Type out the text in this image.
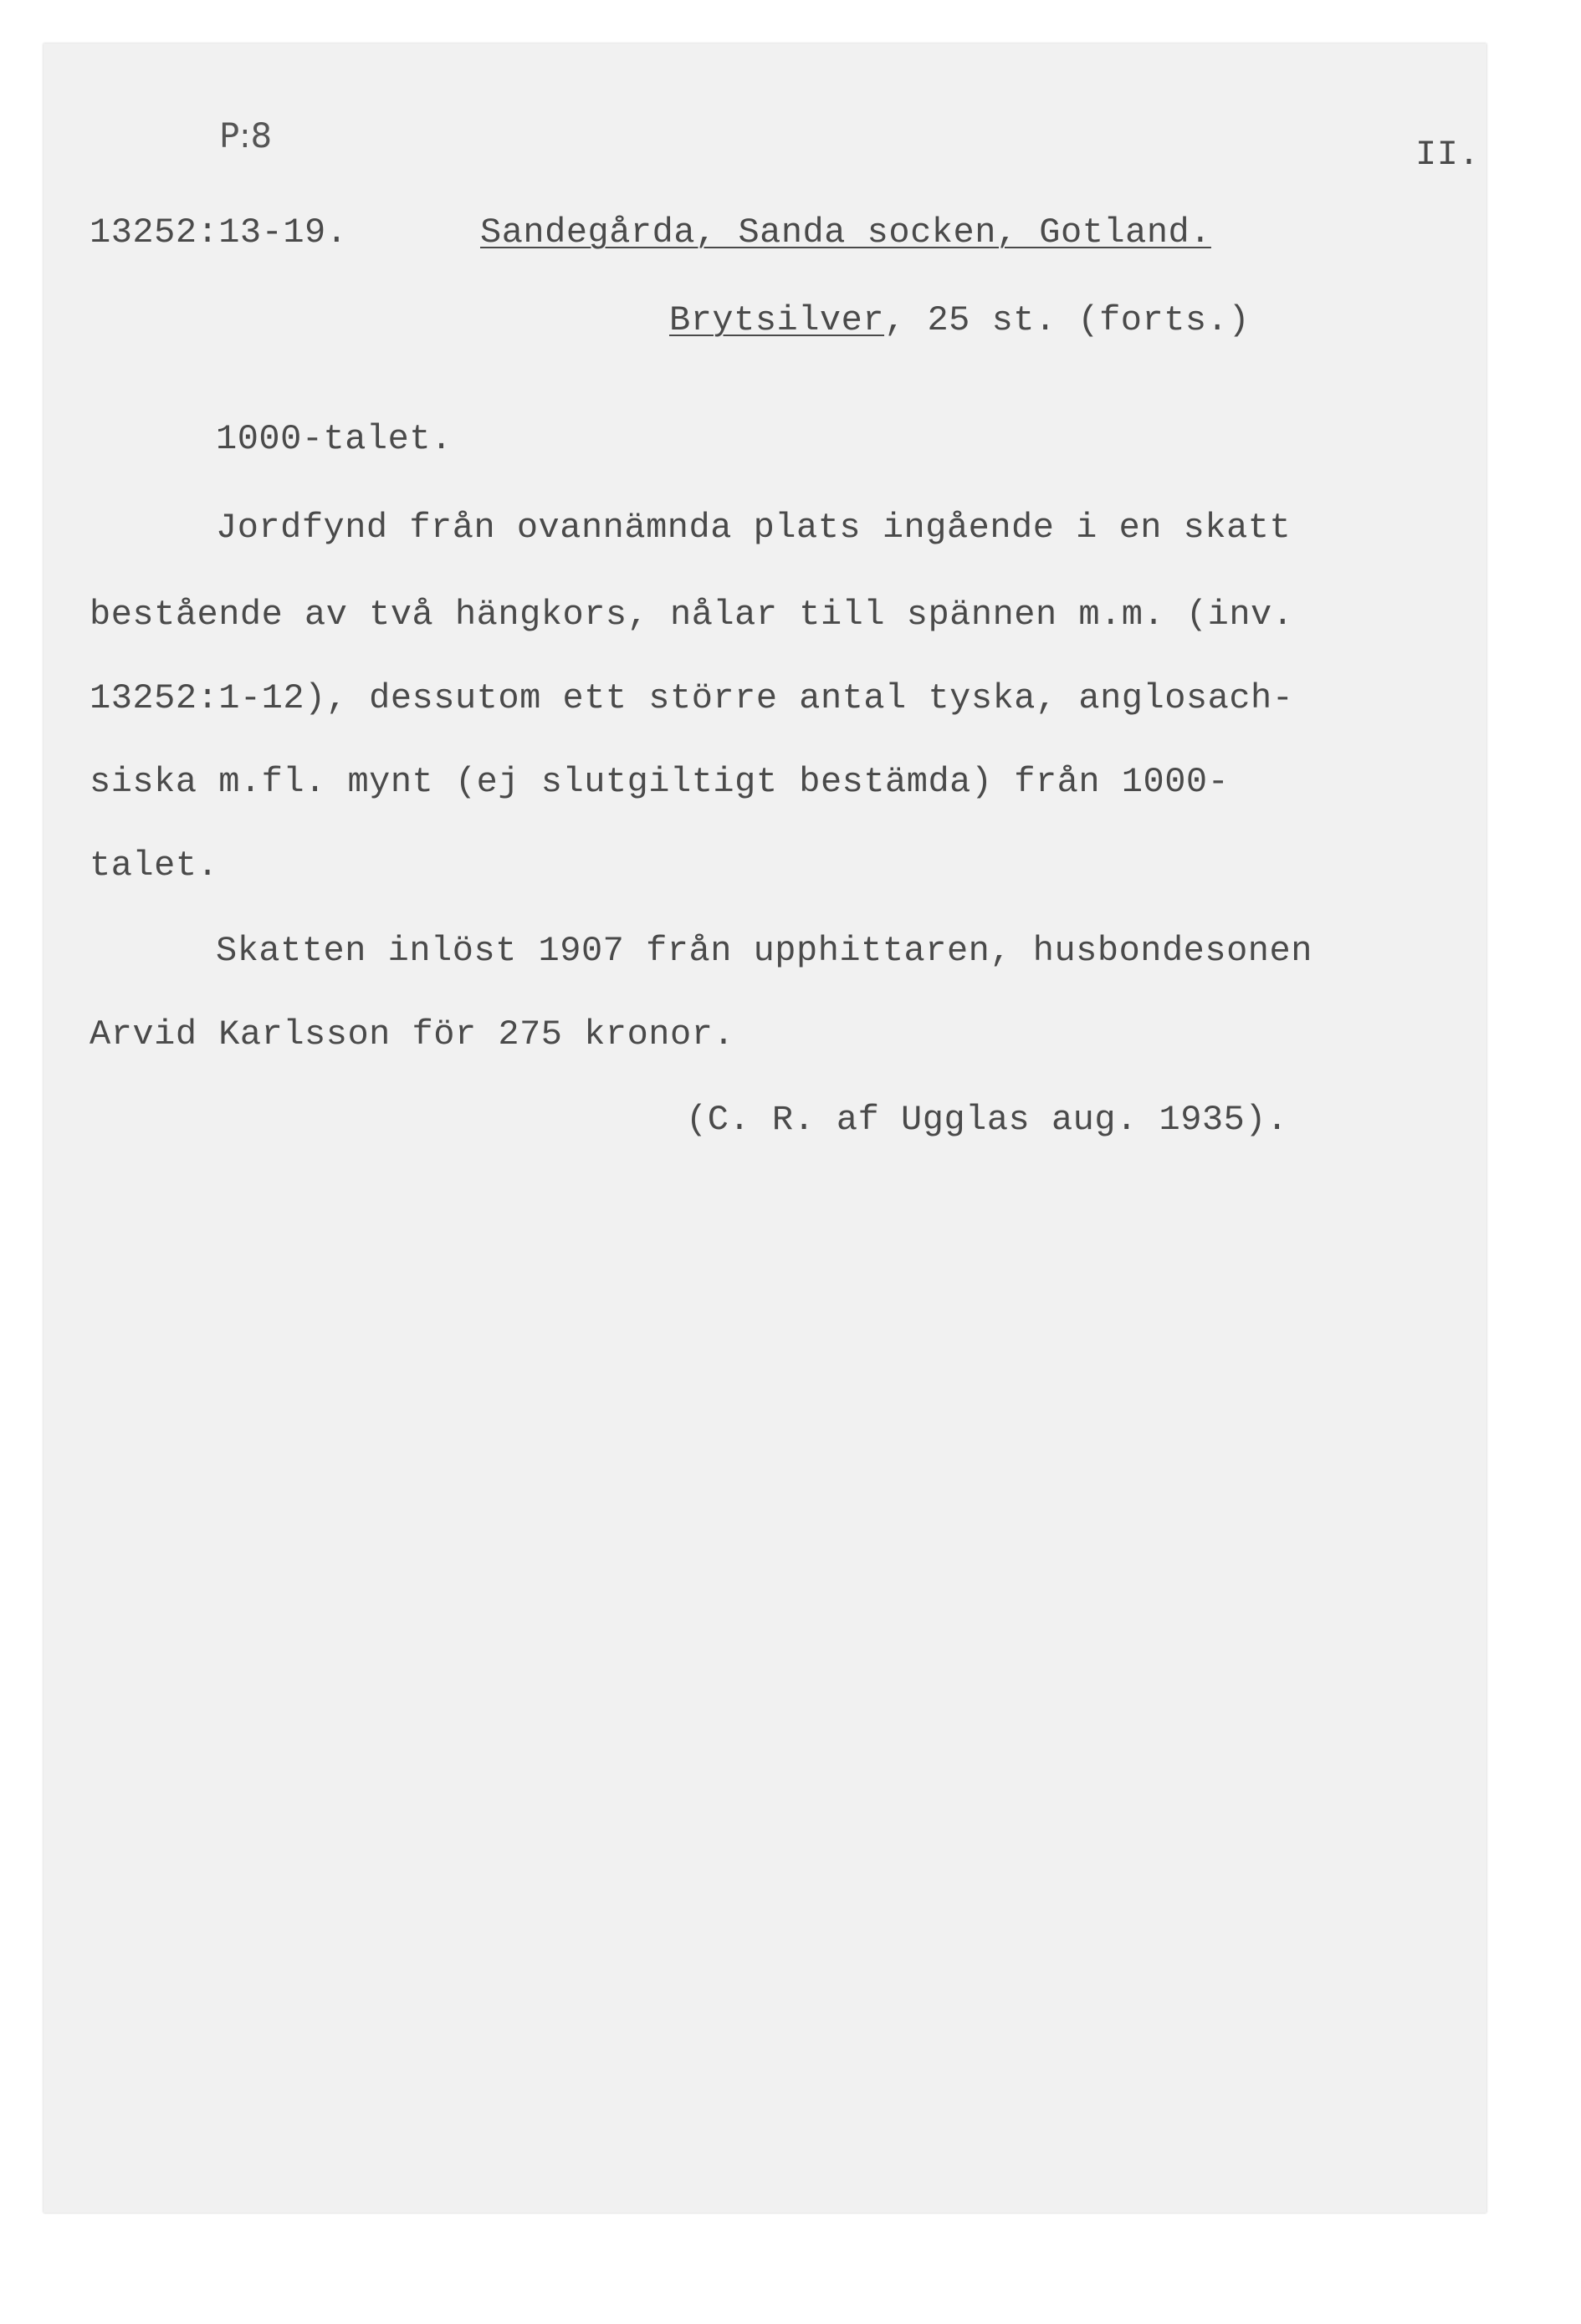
P:8	II.
13252:13-19.	Sandegårda, Sanda socken, Gotland.
Brytsilver, 25 st. (forts.)
1000-talet.
Jordfynd från ovannämnda plats ingående i en skatt
bestående av två hängkors, nålar till spännen m.m. (inv.
13252:1-12), dessutom ett större antal tyska, anglosach-
siska m.fl. mynt (ej slutgiltigt bestämda) från 1000-
talet.
Skatten inlöst 1907 från upphittaren, husbondesonen
Arvid Karlsson för 275 kronor.
(C. R. af Ugglas aug. 1935).
